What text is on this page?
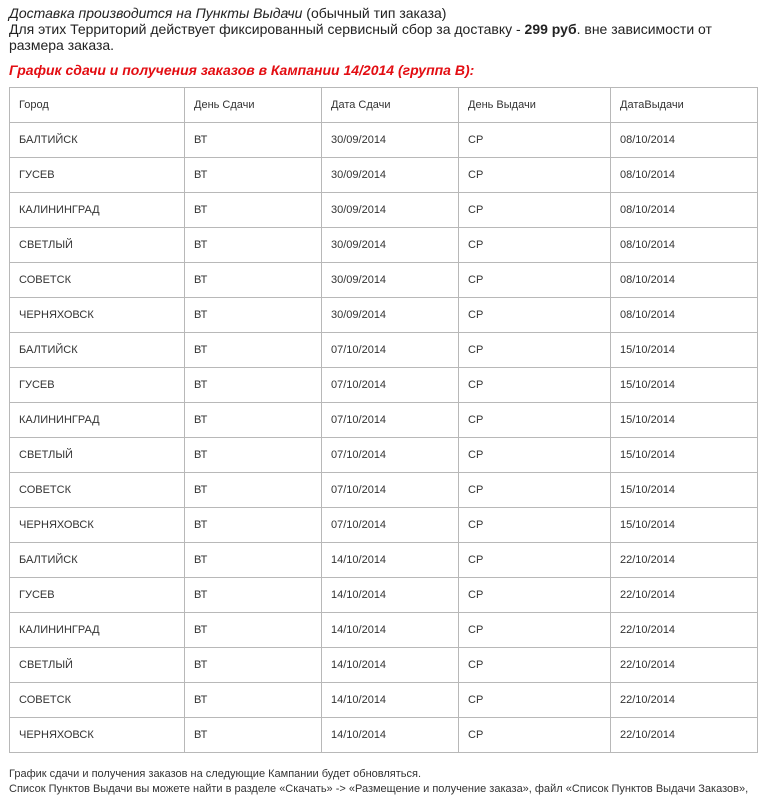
Доставка производится на Пункты Выдачи (обычный тип заказа)
Для этих Территорий действует фиксированный сервисный сбор за доставку - 299 руб. вне зависимости от размера заказа.
График сдачи и получения заказов в Кампании 14/2014 (группа В):
Город	День Сдачи	Дата Сдачи	День Выдачи	ДатаВыдачи
БАЛТИЙСК	ВТ	30/09/2014	СР	08/10/2014
ГУСЕВ	ВТ	30/09/2014	СР	08/10/2014
КАЛИНИНГРАД	ВТ	30/09/2014	СР	08/10/2014
СВЕТЛЫЙ	ВТ	30/09/2014	СР	08/10/2014
СОВЕТСК	ВТ	30/09/2014	СР	08/10/2014
ЧЕРНЯХОВСК	ВТ	30/09/2014	СР	08/10/2014
БАЛТИЙСК	ВТ	07/10/2014	СР	15/10/2014
ГУСЕВ	ВТ	07/10/2014	СР	15/10/2014
КАЛИНИНГРАД	ВТ	07/10/2014	СР	15/10/2014
СВЕТЛЫЙ	ВТ	07/10/2014	СР	15/10/2014
СОВЕТСК	ВТ	07/10/2014	СР	15/10/2014
ЧЕРНЯХОВСК	ВТ	07/10/2014	СР	15/10/2014
БАЛТИЙСК	ВТ	14/10/2014	СР	22/10/2014
ГУСЕВ	ВТ	14/10/2014	СР	22/10/2014
КАЛИНИНГРАД	ВТ	14/10/2014	СР	22/10/2014
СВЕТЛЫЙ	ВТ	14/10/2014	СР	22/10/2014
СОВЕТСК	ВТ	14/10/2014	СР	22/10/2014
ЧЕРНЯХОВСК	ВТ	14/10/2014	СР	22/10/2014
График сдачи и получения заказов на следующие Кампании будет обновляться.
Список Пунктов Выдачи вы можете найти в разделе «Скачать» -> «Размещение и получение заказа», файл «Список Пунктов Выдачи Заказов»,
